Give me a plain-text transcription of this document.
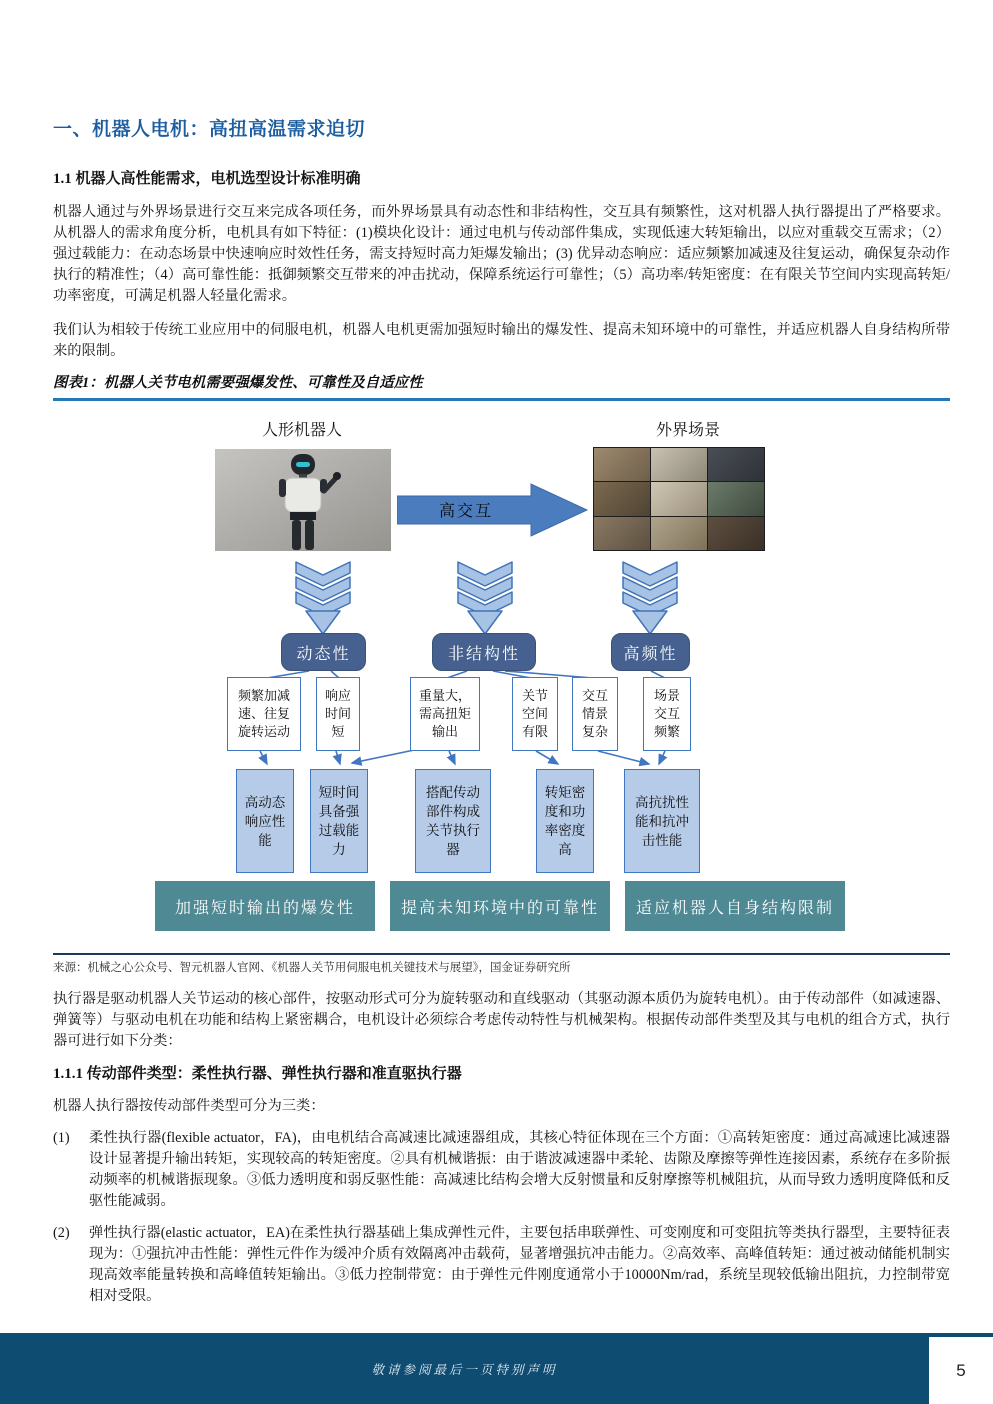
一、机器人电机：高扭高温需求迫切
1.1 机器人高性能需求，电机选型设计标准明确
机器人通过与外界场景进行交互来完成各项任务，而外界场景具有动态性和非结构性，交互具有频繁性，这对机器人执行器提出了严格要求。从机器人的需求角度分析，电机具有如下特征：(1)模块化设计：通过电机与传动部件集成，实现低速大转矩输出，以应对重载交互需求；（2）强过载能力：在动态场景中快速响应时效性任务，需支持短时高力矩爆发输出；(3) 优异动态响应：适应频繁加减速及往复运动，确保复杂动作执行的精准性；（4）高可靠性能：抵御频繁交互带来的冲击扰动，保障系统运行可靠性；（5）高功率/转矩密度：在有限关节空间内实现高转矩/功率密度，可满足机器人轻量化需求。
我们认为相较于传统工业应用中的伺服电机，机器人电机更需加强短时输出的爆发性、提高未知环境中的可靠性，并适应机器人自身结构所带来的限制。
图表1：机器人关节电机需要强爆发性、可靠性及自适应性
人形机器人	外界场景
高交互
动态性	非结构性	高频性
频繁加减速、往复旋转运动
响应时间短
重量大，需高扭矩输出
关节空间有限
交互情景复杂
场景交互频繁
高动态响应性能
短时间具备强过载能力
搭配传动部件构成关节执行器
转矩密度和功率密度高
高抗扰性能和抗冲击性能
加强短时输出的爆发性	提高未知环境中的可靠性	适应机器人自身结构限制
来源：机械之心公众号、智元机器人官网、《机器人关节用伺服电机关键技术与展望》，国金证券研究所
执行器是驱动机器人关节运动的核心部件，按驱动形式可分为旋转驱动和直线驱动（其驱动源本质仍为旋转电机）。由于传动部件（如减速器、弹簧等）与驱动电机在功能和结构上紧密耦合，电机设计必须综合考虑传动特性与机械架构。根据传动部件类型及其与电机的组合方式，执行器可进行如下分类：
1.1.1 传动部件类型：柔性执行器、弹性执行器和准直驱执行器
机器人执行器按传动部件类型可分为三类：
(1) 柔性执行器(flexible actuator，FA)，由电机结合高减速比减速器组成，其核心特征体现在三个方面：①高转矩密度：通过高减速比减速器设计显著提升输出转矩，实现较高的转矩密度。②具有机械谐振：由于谐波减速器中柔轮、齿隙及摩擦等弹性连接因素，系统存在多阶振动频率的机械谐振现象。③低力透明度和弱反驱性能：高减速比结构会增大反射惯量和反射摩擦等机械阻抗，从而导致力透明度降低和反驱性能减弱。
(2) 弹性执行器(elastic actuator，EA)在柔性执行器基础上集成弹性元件，主要包括串联弹性、可变刚度和可变阻抗等类执行器型，主要特征表现为：①强抗冲击性能：弹性元件作为缓冲介质有效隔离冲击载荷，显著增强抗冲击能力。②高效率、高峰值转矩：通过被动储能机制实现高效率能量转换和高峰值转矩输出。③低力控制带宽：由于弹性元件刚度通常小于10000Nm/rad，系统呈现较低输出阻抗，力控制带宽相对受限。
敬请参阅最后一页特别声明	5
